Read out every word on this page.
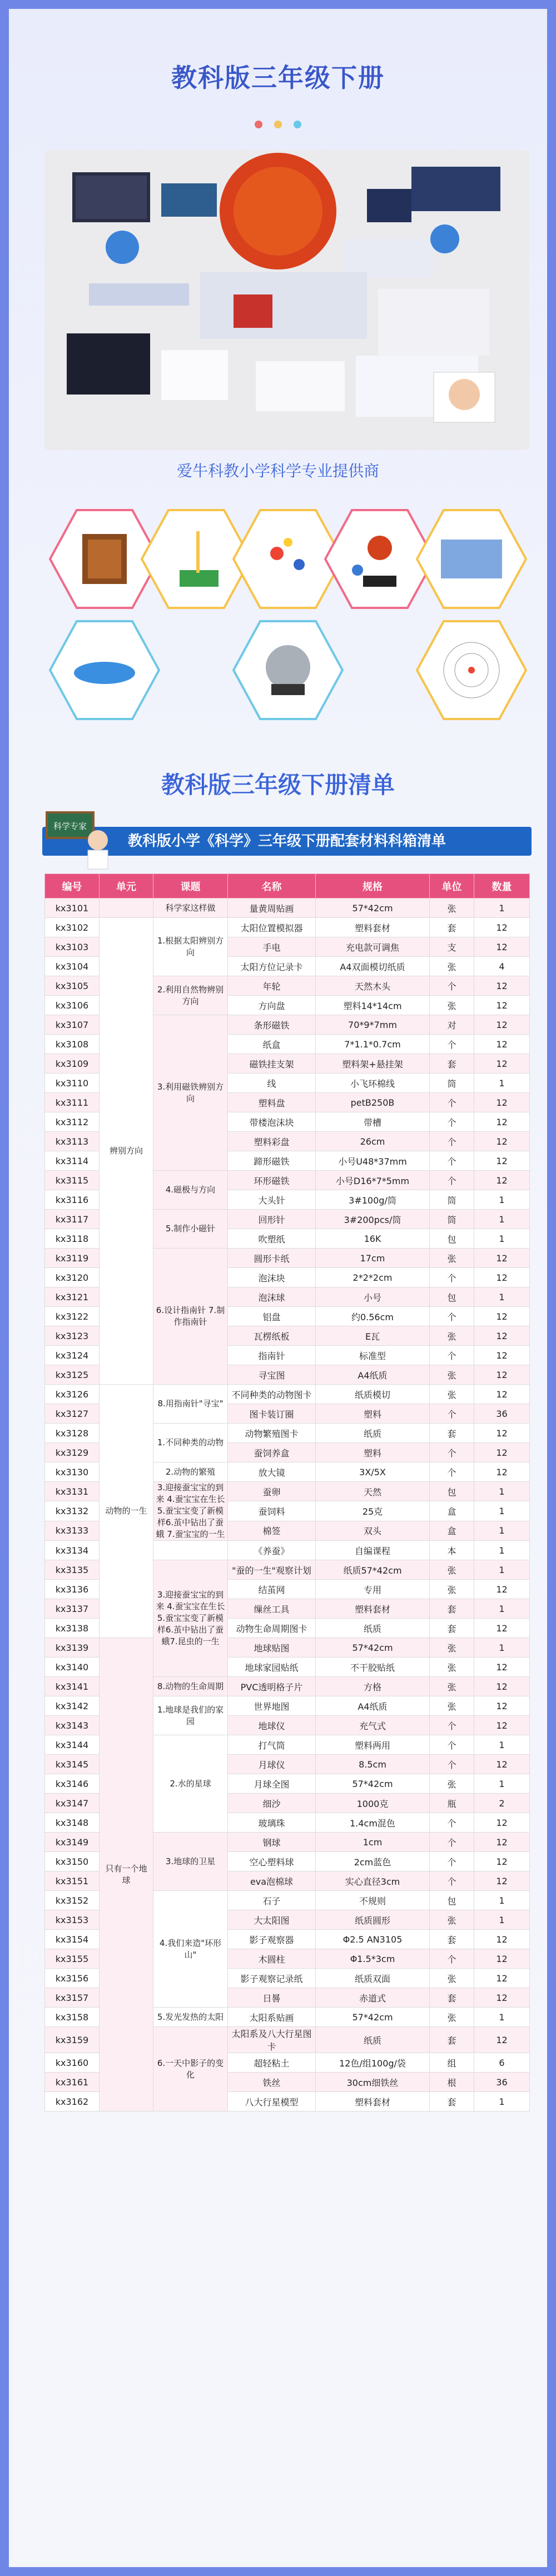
教科版三年级下册

爱牛科教小学科学专业提供商
教科版三年级下册清单
教科版小学《科学》三年级下册配套材料科箱清单
科学专家
编号	单元	课题	名称	规格	单位	数量
kx3101		科学家这样做	量黄周贴画	57*42cm	张	1
kx3102	辨别方向	1.根据太阳辨别方向	太阳位置模拟器	塑料套材	套	12
kx3103			手电	充电款可调焦	支	12
kx3104			太阳方位记录卡	A4双面模切纸质	张	4
kx3105		2.利用自然物辨别方向	年轮	天然木头	个	12
kx3106			方向盘	塑料14*14cm	张	12
kx3107		3.利用磁铁辨别方向	条形磁铁	70*9*7mm	对	12
kx3108			纸盒	7*1.1*0.7cm	个	12
kx3109			磁铁挂支架	塑料架+悬挂架	套	12
kx3110			线	小飞环棉线	筒	1
kx3111			塑料盘	petB250B	个	12
kx3112			带楼泡沫块	带槽	个	12
kx3113			塑料彩盘	26cm	个	12
kx3114			蹄形磁铁	小号U48*37mm	个	12
kx3115		4.磁极与方向	环形磁铁	小号D16*7*5mm	个	12
kx3116			大头针	3#100g/筒	筒	1
kx3117		5.制作小磁针	回形针	3#200pcs/筒	筒	1
kx3118			吹塑纸	16K	包	1
kx3119		6.设计指南针 7.制作指南针	圆形卡纸	17cm	张	12
kx3120			泡沫块	2*2*2cm	个	12
kx3121			泡沫球	小号	包	1
kx3122			铝盘	约0.56cm	个	12
kx3123			瓦楞纸板	E瓦	张	12
kx3124			指南针	标准型	个	12
kx3125			寻宝图	A4纸质	张	12
kx3126	动物的一生	8.用指南针"寻宝"	不同种类的动物图卡	纸质模切	张	12
kx3127			图卡装订圈	塑料	个	36
kx3128		1.不同种类的动物	动物繁殖图卡	纸质	套	12
kx3129			蚕饲养盒	塑料	个	12
kx3130		2.动物的繁殖	放大镜	3X/5X	个	12
kx3131		3.迎接蚕宝宝的到来 4.蚕宝宝在生长5.蚕宝宝变了新模样6.茧中钻出了蚕蛾 7.蚕宝宝的一生	蚕卵	天然	包	1
kx3132			蚕饲料	25克	盒	1
kx3133			棉签	双头	盒	1
kx3134			《养蚕》	自编课程	本	1
kx3135		3.迎接蚕宝宝的到来 4.蚕宝宝在生长5.蚕宝宝变了新模样6.茧中钻出了蚕蛾7.昆虫的一生	"蚕的一生"观察计划	纸质57*42cm	张	1
kx3136			结茧网	专用	张	12
kx3137			缫丝工具	塑料套材	套	1
kx3138			动物生命周期图卡	纸质	套	12
kx3139	只有一个地球		地球贴图	57*42cm	张	1
kx3140			地球家园贴纸	不干胶贴纸	张	12
kx3141		8.动物的生命周期	PVC透明格子片	方格	张	12
kx3142		1.地球是我们的家园	世界地图	A4纸质	张	12
kx3143			地球仪	充气式	个	12
kx3144		2.水的星球	打气筒	塑料两用	个	1
kx3145			月球仪	8.5cm	个	12
kx3146			月球全图	57*42cm	张	1
kx3147			细沙	1000克	瓶	2
kx3148			玻璃珠	1.4cm混色	个	12
kx3149		3.地球的卫星	钢球	1cm	个	12
kx3150			空心塑料球	2cm蓝色	个	12
kx3151			eva泡棉球	实心直径3cm	个	12
kx3152		4.我们来造"环形山"	石子	不规则	包	1
kx3153			大太阳图	纸质圆形	张	1
kx3154			影子观察器	Φ2.5 AN3105	套	12
kx3155			木圆柱	Φ1.5*3cm	个	12
kx3156			影子观察记录纸	纸质双面	张	12
kx3157			日晷	赤道式	套	12
kx3158		5.发光发热的太阳	太阳系贴画	57*42cm	张	1
kx3159		6.一天中影子的变化	太阳系及八大行星图卡	纸质	套	12
kx3160			超轻粘土	12色/组100g/袋	组	6
kx3161			铁丝	30cm细铁丝	根	36
kx3162			八大行星模型	塑料套材	套	1
